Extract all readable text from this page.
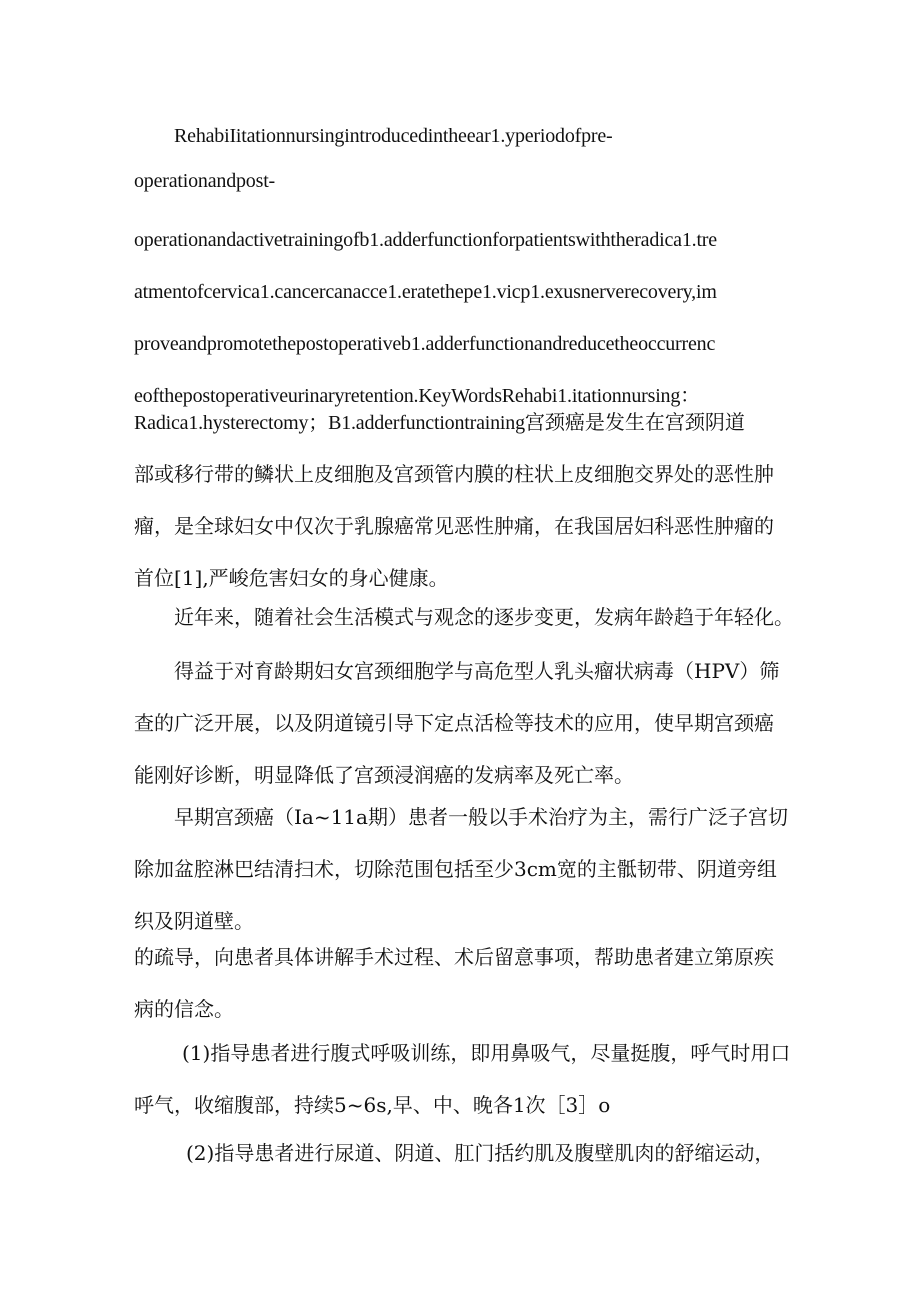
RehabiIitationnursingintroducedintheear1.yperiodofpre-
operationandpost-
operationandactivetrainingofb1.adderfunctionforpatientswiththeradica1.tre
atmentofcervica1.cancercanacce1.eratethepe1.vicp1.exusnerverecovery,im
proveandpromotethepostoperativeb1.adderfunctionandreducetheoccurrenc
eofthepostoperativeurinaryretention.KeyWordsRehabi1.itationnursing：
Radica1.hysterectomy；B1.adderfunctiontraining宫颈癌是发生在宫颈阴道
部或移行带的鳞状上皮细胞及宫颈管内膜的柱状上皮细胞交界处的恶性肿
瘤，是全球妇女中仅次于乳腺癌常见恶性肿痛，在我国居妇科恶性肿瘤的
首位[1],严峻危害妇女的身心健康。
近年来，随着社会生活模式与观念的逐步变更，发病年龄趋于年轻化。
得益于对育龄期妇女宫颈细胞学与高危型人乳头瘤状病毒（HPV）筛
查的广泛开展，以及阴道镜引导下定点活检等技术的应用，使早期宫颈癌
能刚好诊断，明显降低了宫颈浸润癌的发病率及死亡率。
早期宫颈癌（Ia~11a期）患者一般以手术治疗为主，需行广泛子宫切
除加盆腔淋巴结清扫术，切除范围包括至少3cm宽的主骶韧带、阴道旁组
织及阴道壁。
的疏导，向患者具体讲解手术过程、术后留意事项，帮助患者建立第原疾
病的信念。
(1)指导患者进行腹式呼吸训练，即用鼻吸气，尽量挺腹，呼气时用口
呼气，收缩腹部，持续5~6s,早、中、晚各1次［3］o
(2)指导患者进行尿道、阴道、肛门括约肌及腹壁肌肉的舒缩运动，
